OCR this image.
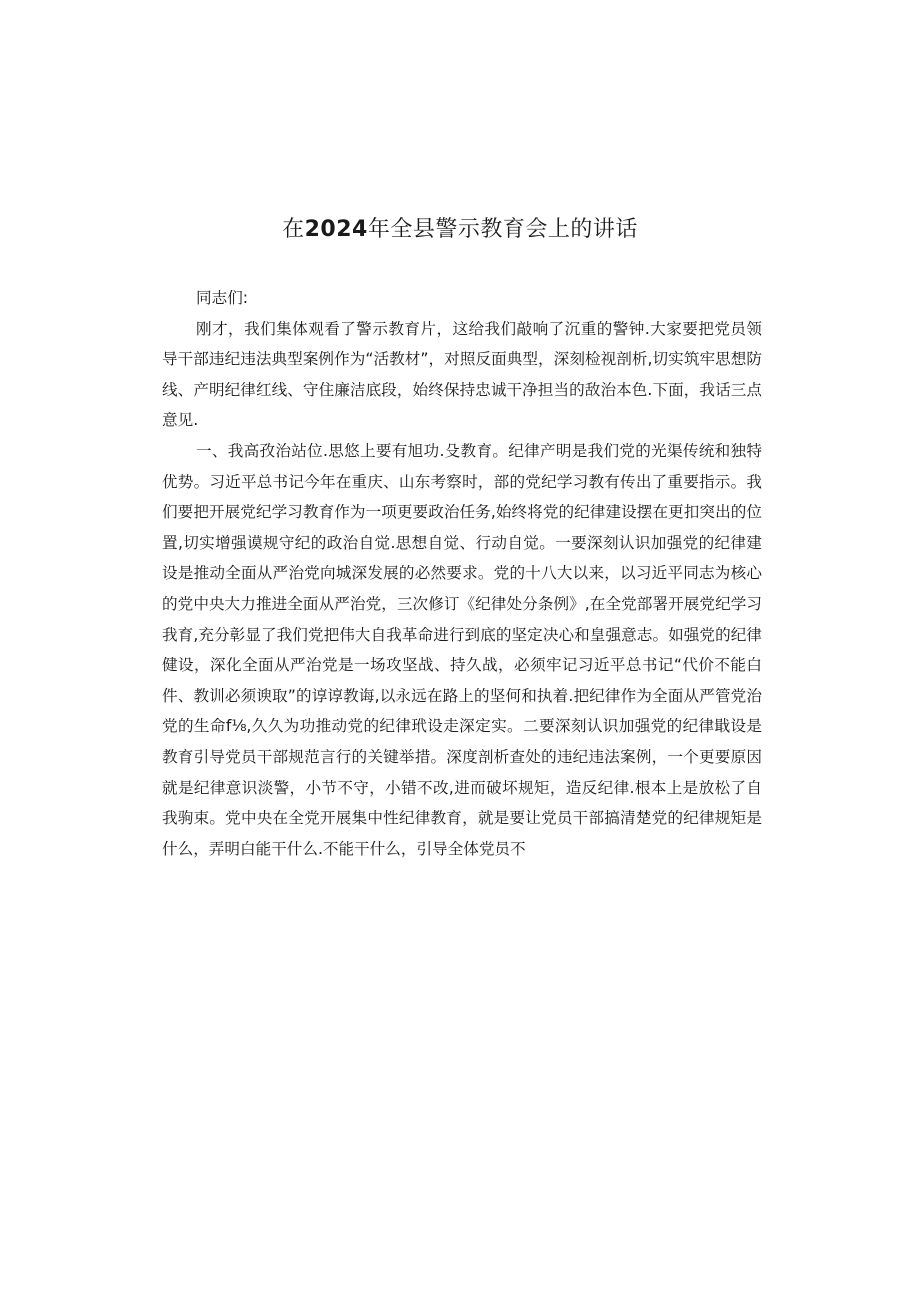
在2024年全县警示教育会上的讲话

同志们:

刚才，我们集体观看了警示教育片，这给我们敲响了沉重的警钟.大家要把党员领导干部违纪违法典型案例作为“活教材”，对照反面典型，深刻检视剖析,切实筑牢思想防线、产明纪律红线、守住廉洁底段，始终保持忠诚干净担当的敌治本色.下面，我话三点意见.

一、我高孜治站位.思悠上要有旭功.殳教育。纪律产明是我们党的光渠传统和独特优势。习近平总书记今年在重庆、山东考察时，部的党纪学习教有传出了重要指示。我们要把开展党纪学习教育作为一项更要政治任务,始终将党的纪律建设摆在更扣突出的位置,切实增强谟规守纪的政治自觉.思想自觉、行动自觉。一要深刻认识加强党的纪律建设是推动全面从严治党向城深发展的必然要求。党的十八大以来，以习近平同志为核心的党中央大力推进全面从严治党，三次修订《纪律处分条例》,在全党部署开展党纪学习我育,充分彰显了我们党把伟大自我革命进行到底的坚定决心和皇强意志。如强党的纪律健设，深化全面从严治党是一场攻坚战、持久战，必须牢记习近平总书记“代价不能白件、教训必须谀取”的谆谆教诲,以永远在路上的坚何和执着.把纪律作为全面从严管党治党的生命f⅛,久久为功推动党的纪律玳设走深定实。二要深刻认识加强党的纪律戢设是教育引导党员干部规范言行的关键举措。深度剖析查处的违纪违法案例，一个更要原因就是纪律意识淡警，小节不守，小错不改,进而破坏规矩，造反纪律.根本上是放松了自我驹束。党中央在全党开展集中性纪律教育，就是要让党员干部搞清楚党的纪律规矩是什么，弄明白能干什么.不能干什么，引导全体党员不
